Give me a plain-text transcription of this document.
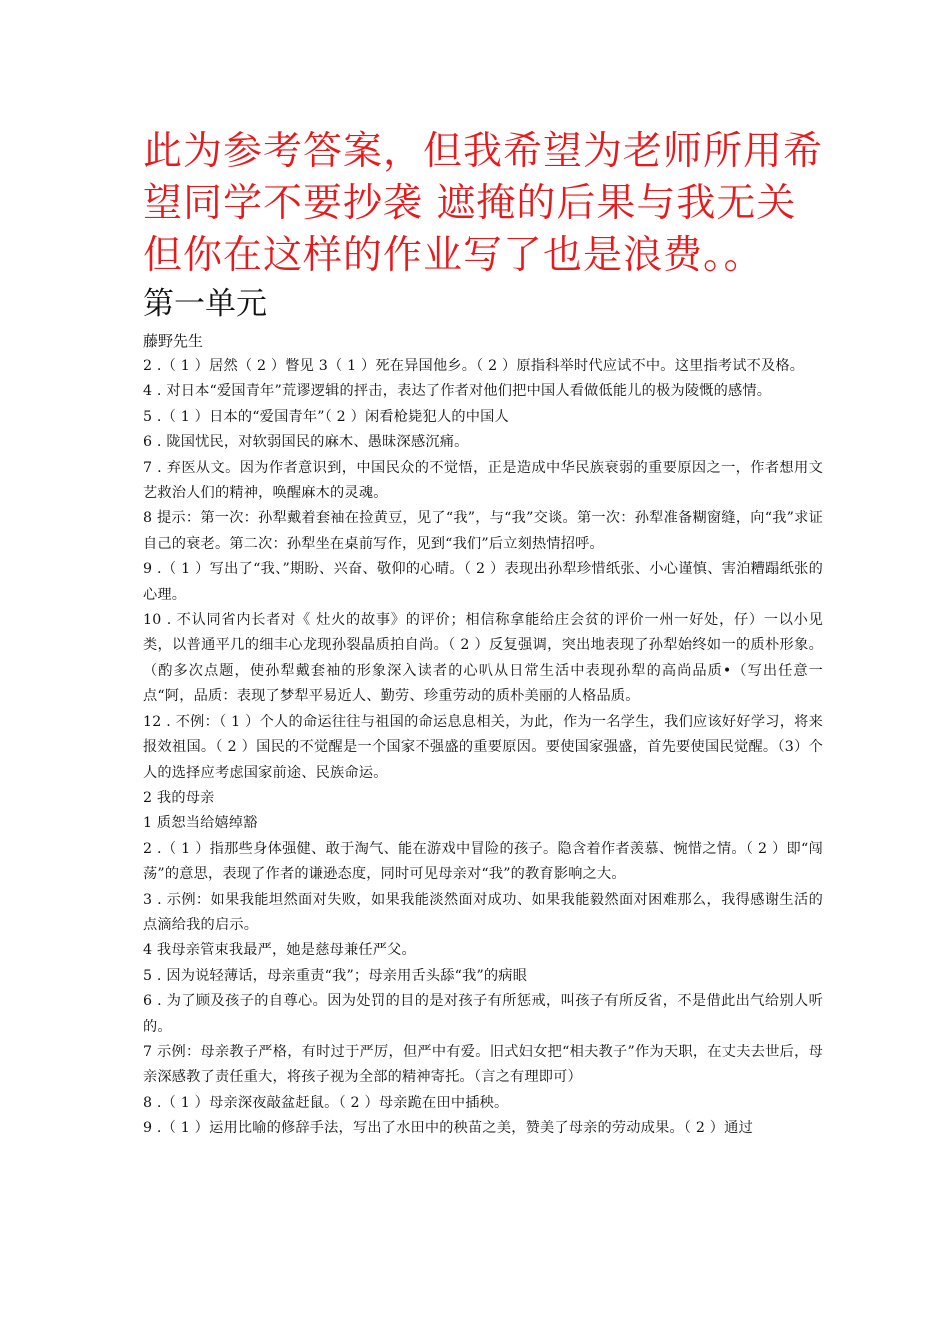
此为参考答案，但我希望为老师所用希望同学不要抄袭 遮掩的后果与我无关 但你在这样的作业写了也是浪费。。

第一单元

藤野先生

2 .（ 1 ）居然（ 2 ）瞥见 3（ 1 ）死在异国他乡。（ 2 ）原指科举时代应试不中。这里指考试不及格。

4 . 对日本“爱国青年”荒谬逻辑的抨击，表达了作者对他们把中国人看做低能儿的极为陵慨的感情。

5 .（ 1 ）日本的“爱国青年”（ 2 ）闲看枪毙犯人的中国人

6 . 陇国忧民，对软弱国民的麻木、愚昧深感沉痛。

7 . 弃医从文。因为作者意识到，中国民众的不觉悟，正是造成中华民族衰弱的重要原因之一，作者想用文艺救治人们的精神，唤醒麻木的灵魂。

8 提示：第一次：孙犁戴着套袖在捡黄豆，见了“我”，与“我”交谈。第一次：孙犁准备糊窗缝，向“我”求证自己的衰老。第二次：孙犁坐在桌前写作，见到“我们”后立刻热情招呼。

9 .（ 1 ）写出了“我、”期盼、兴奋、敬仰的心晴。（ 2 ）表现出孙犁珍惜纸张、小心谨慎、害泊糟蹋纸张的心理。

10 . 不认同省内长者对《 灶火的故事》的评价；相信称拿能给庄会贫的评价一州一好处，仔）一以小见类，以普通平几的细丰心龙现孙裂晶质拍自尚。（ 2 ）反复强调，突出地表现了孙犁始终如一的质朴形象。（酌多次点题，使孙犁戴套袖的形象深入读者的心叭从日常生活中表现孙犁的高尚品质•（写出任意一点“阿，品质：表现了梦犁平易近人、勤劳、珍重劳动的质朴美丽的人格品质。

12 . 不例：（ 1 ）个人的命运往往与祖国的命运息息相关，为此，作为一名学生，我们应该好好学习，将来报效祖国。（ 2 ）国民的不觉醒是一个国家不强盛的重要原因。要使国家强盛，首先要使国民觉醒。（3）个人的选择应考虑国家前途、民族命运。

2 我的母亲

1 质恕当给嬉绰豁

2 .（ 1 ）指那些身体强健、敢于淘气、能在游戏中冒险的孩子。隐含着作者羡慕、惋惜之情。（ 2 ）即“闯荡”的意思，表现了作者的谦逊态度，同时可见母亲对“我”的教育影响之大。

3 . 示例：如果我能坦然面对失败，如果我能淡然面对成功、如果我能毅然面对困难那么，我得感谢生活的点滴给我的启示。

4 我母亲管束我最严，她是慈母兼任严父。

5 . 因为说轻薄话，母亲重责“我”；母亲用舌头舔“我”的病眼

6 . 为了顾及孩子的自尊心。因为处罚的目的是对孩子有所惩戒，叫孩子有所反省，不是借此出气给别人听的。

7 示例：母亲教子严格，有时过于严厉，但严中有爱。旧式妇女把“相夫教子”作为天职，在丈夫去世后，母亲深感教了责任重大，将孩子视为全部的精神寄托。（言之有理即可）

8 .（ 1 ）母亲深夜敲盆赶鼠。（ 2 ）母亲跪在田中插秧。

9 .（ 1 ）运用比喻的修辞手法，写出了水田中的秧苗之美，赞美了母亲的劳动成果。（ 2 ）通过
